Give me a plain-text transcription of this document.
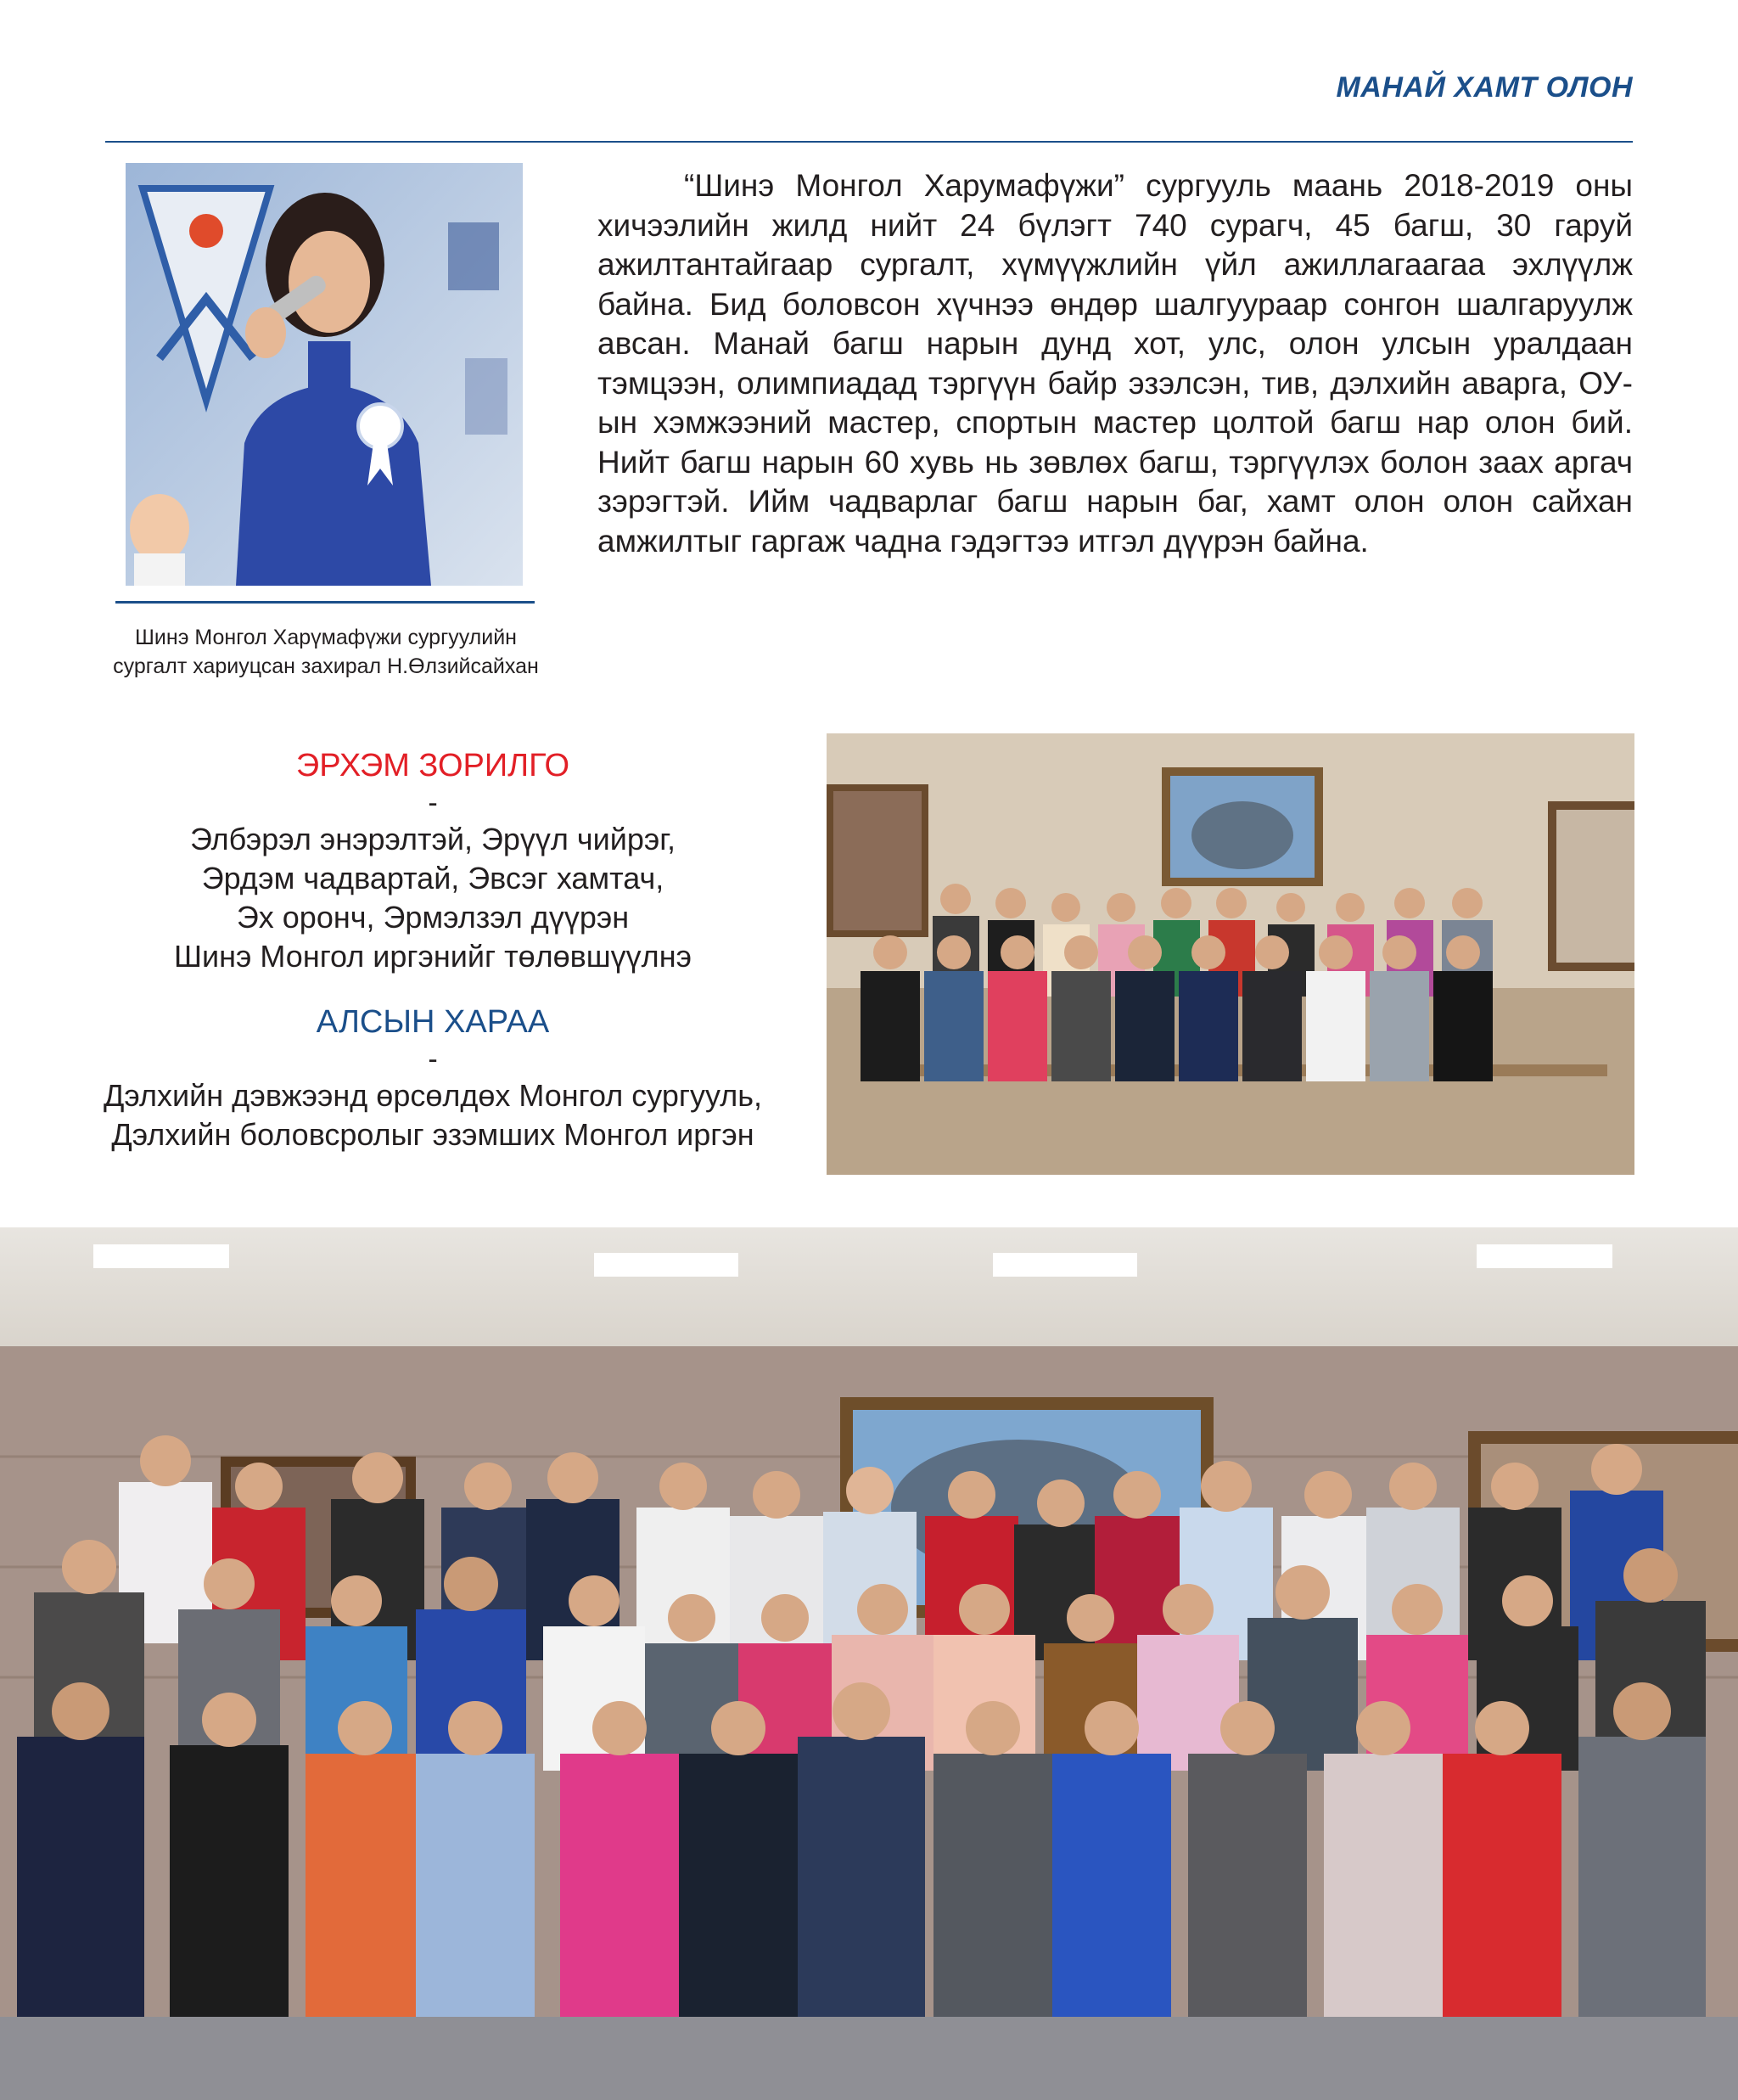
МАНАЙ ХАМТ ОЛОН
Шинэ Монгол Харүмафүжи сургуулийн
сургалт хариуцсан захирал Н.Өлзийсайхан

“Шинэ Монгол Харумафүжи” сургууль маань 2018-2019 оны хичээлийн жилд нийт 24 бүлэгт 740 сурагч, 45 багш, 30 гаруй ажилтантайгаар сургалт, хүмүүжлийн үйл ажиллагаагаа эхлүүлж байна. Бид боловсон хүчнээ өндөр шалгуураар сонгон шалгаруулж авсан. Манай багш нарын дунд хот, улс, олон улсын уралдаан тэмцээн, олимпиадад тэргүүн байр эзэлсэн, тив, дэлхийн аварга, ОУ-ын хэмжээний мастер, спортын мастер цолтой багш нар олон бий. Нийт багш нарын 60 хувь нь зөвлөх багш, тэргүүлэх болон заах аргач зэрэгтэй. Ийм чадварлаг багш нарын баг, хамт олон олон сайхан амжилтыг гаргаж чадна гэдэгтээ итгэл дүүрэн байна.

ЭРХЭМ ЗОРИЛГО
-
Элбэрэл энэрэлтэй, Эрүүл чийрэг,
Эрдэм чадвартай, Эвсэг хамтач,
Эх оронч, Эрмэлзэл дүүрэн
Шинэ Монгол иргэнийг төлөвшүүлнэ
АЛСЫН ХАРАА
-
Дэлхийн дэвжээнд өрсөлдөх Монгол сургууль,
Дэлхийн боловсролыг эзэмших Монгол иргэн
